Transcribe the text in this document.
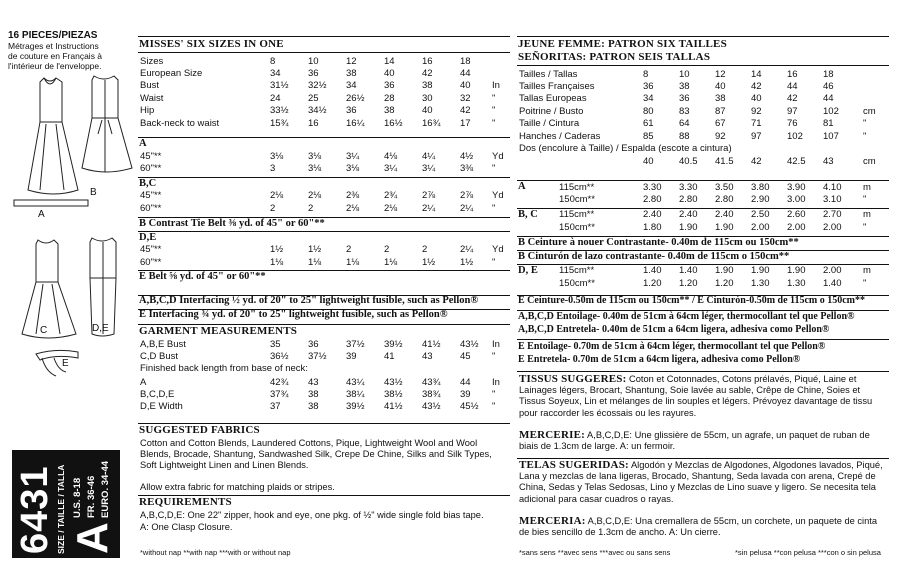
16 PIECES/PIEZAS
Métrages et Instructions
de couture en Français à
l'intérieur de l'enveloppe.
A
B
C	D,E
E
6431 SIZE / TAILLE / TALLA A
U.S. 8-18 FR. 36-46 EURO. 34-44
MISSES' SIX SIZES IN ONE
Sizes	8	10	12	14	16	18	
European Size	34	36	38	40	42	44	
Bust	31½	32½	34	36	38	40	In
Waist	24	25	26½	28	30	32	"
Hip	33½	34½	36	38	40	42	"
Back-neck to waist	15¾	16	16¼	16½	16¾	17	"
A
45"**	3⅛	3⅛	3¼	4⅛	4¼	4½	Yd
60"**	3	3⅛	3⅛	3¼	3¼	3⅜	"
B,C
45"**	2⅛	2⅛	2⅜	2¾	2⅞	2⅞	Yd
60"**	2	2	2⅛	2⅛	2¼	2¼	"
B Contrast Tie Belt ⅜ yd. of 45" or 60"**
D,E
45"**	1½	1½	2	2	2	2¼	Yd
60"**	1⅛	1⅛	1⅛	1⅛	1½	1½	"
E Belt ⅝ yd. of 45" or 60"**
A,B,C,D Interfacing ½ yd. of 20" to 25" lightweight fusible, such as Pellon®
E Interfacing ¾ yd. of 20" to 25" lightweight fusible, such as Pellon®
GARMENT MEASUREMENTS
A,B,E Bust	35	36	37½	39½	41½	43½	In
C,D Bust	36½	37½	39	41	43	45	"
Finished back length from base of neck:
A	42¾	43	43¼	43½	43¾	44	In
B,C,D,E	37¾	38	38¼	38½	38¾	39	"
D,E Width	37	38	39½	41½	43½	45½	"
SUGGESTED FABRICS
Cotton and Cotton Blends, Laundered Cottons, Pique, Lightweight Wool and Wool Blends, Brocade, Shantung, Sandwashed Silk, Crepe De Chine, Silks and Silk Types, Soft Lightweight Linen and Linen Blends.
Allow extra fabric for matching plaids or stripes.
REQUIREMENTS
A,B,C,D,E: One 22" zipper, hook and eye, one pkg. of ½" wide single fold bias tape.
A: One Clasp Closure.
*without nap **with nap ***with or without nap
JEUNE FEMME: PATRON SIX TAILLES
SEÑORITAS: PATRON SEIS TALLAS
Tailles / Tallas	8	10	12	14	16	18	
Tailles Françaises	36	38	40	42	44	46	
Tallas Europeas	34	36	38	40	42	44	
Poitrine / Busto	80	83	87	92	97	102	cm
Taille / Cintura	61	64	67	71	76	81	"
Hanches / Caderas	85	88	92	97	102	107	"
Dos (encolure à Taille) / Espalda (escote a cintura)
	40	40.5	41.5	42	42.5	43	cm
A	115cm**	3.30	3.30	3.50	3.80	3.90	4.10	m
150cm**	2.80	2.80	2.80	2.90	3.00	3.10	"
B, C 115cm**	2.40	2.40	2.40	2.50	2.60	2.70	m
150cm**	1.80	1.90	1.90	2.00	2.00	2.00	"
B Ceinture à nouer Contrastante- 0.40m de 115cm ou 150cm**
B Cinturón de lazo contrastante- 0.40m de 115cm o 150cm**
D, E 115cm**	1.40	1.40	1.90	1.90	1.90	2.00	m
150cm**	1.20	1.20	1.20	1.30	1.30	1.40	"
E Ceinture-0.50m de 115cm ou 150cm** / E Cinturón-0.50m de 115cm o 150cm**
A,B,C,D Entoilage- 0.40m de 51cm à 64cm léger, thermocollant tel que Pellon®
A,B,C,D Entretela- 0.40m de 51cm a 64cm ligera, adhesiva como Pellon®
E Entoilage- 0.70m de 51cm à 64cm léger, thermocollant tel que Pellon®
E Entretela- 0.70m de 51cm a 64cm ligera, adhesiva como Pellon®
TISSUS SUGGERES: Coton et Cotonnades, Cotons prélavés, Piqué, Laine et Lainages légers, Brocart, Shantung, Soie lavée au sable, Crêpe de Chine, Soies et Tissus Soyeux, Lin et mélanges de lin souples et légers. Prévoyez davantage de tissu pour raccorder les écossais ou les rayures.
MERCERIE: A,B,C,D,E: Une glissière de 55cm, un agrafe, un paquet de ruban de biais de 1.3cm de large. A: un fermoir.
TELAS SUGERIDAS: Algodón y Mezclas de Algodones, Algodones lavados, Piqué, Lana y mezclas de lana ligeras, Brocado, Shantung, Seda lavada con arena, Crepé de China, Sedas y Telas Sedosas, Lino y Mezclas de Lino suave y ligero. Se necesita tela adicional para casar cuadros o rayas.
MERCERIA: A,B,C,D,E: Una cremallera de 55cm, un corchete, un paquete de cinta de bies sencillo de 1.3cm de ancho. A: Un cierre.
*sans sens **avec sens ***avec ou sans sens	*sin pelusa **con pelusa ***con o sin pelusa
